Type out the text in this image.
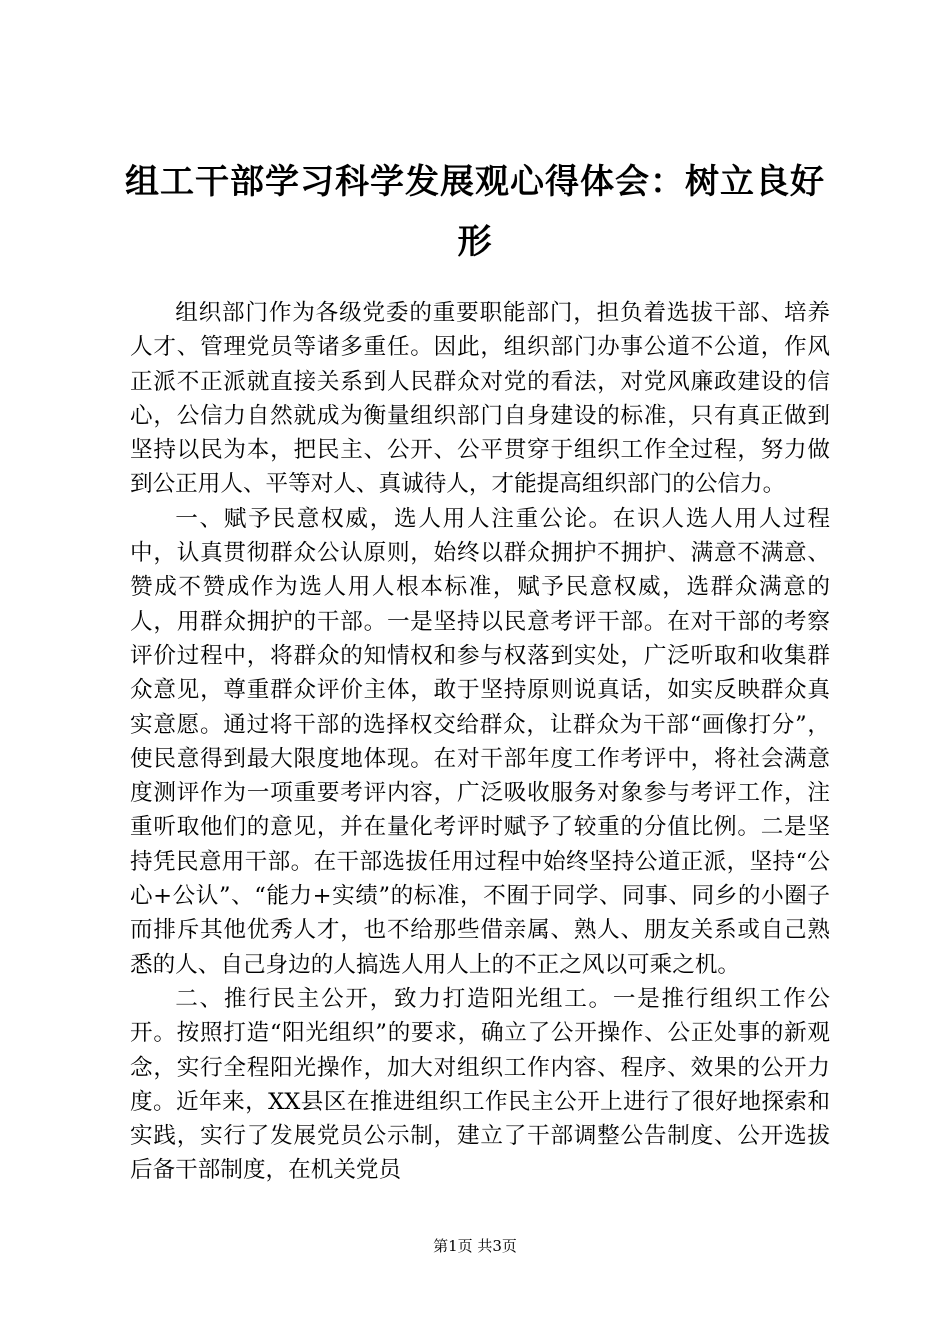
组工干部学习科学发展观心得体会：树立良好形

组织部门作为各级党委的重要职能部门，担负着选拔干部、培养人才、管理党员等诸多重任。因此，组织部门办事公道不公道，作风正派不正派就直接关系到人民群众对党的看法，对党风廉政建设的信心，公信力自然就成为衡量组织部门自身建设的标准，只有真正做到坚持以民为本，把民主、公开、公平贯穿于组织工作全过程，努力做到公正用人、平等对人、真诚待人，才能提高组织部门的公信力。

一、赋予民意权威，选人用人注重公论。在识人选人用人过程中，认真贯彻群众公认原则，始终以群众拥护不拥护、满意不满意、赞成不赞成作为选人用人根本标准，赋予民意权威，选群众满意的人，用群众拥护的干部。一是坚持以民意考评干部。在对干部的考察评价过程中，将群众的知情权和参与权落到实处，广泛听取和收集群众意见，尊重群众评价主体，敢于坚持原则说真话，如实反映群众真实意愿。通过将干部的选择权交给群众，让群众为干部“画像打分”，使民意得到最大限度地体现。在对干部年度工作考评中，将社会满意度测评作为一项重要考评内容，广泛吸收服务对象参与考评工作，注重听取他们的意见，并在量化考评时赋予了较重的分值比例。二是坚持凭民意用干部。在干部选拔任用过程中始终坚持公道正派，坚持“公心+公认”、“能力+实绩”的标准，不囿于同学、同事、同乡的小圈子而排斥其他优秀人才，也不给那些借亲属、熟人、朋友关系或自己熟悉的人、自己身边的人搞选人用人上的不正之风以可乘之机。

二、推行民主公开，致力打造阳光组工。一是推行组织工作公开。按照打造“阳光组织”的要求，确立了公开操作、公正处事的新观念，实行全程阳光操作，加大对组织工作内容、程序、效果的公开力度。近年来，XX县区在推进组织工作民主公开上进行了很好地探索和实践，实行了发展党员公示制，建立了干部调整公告制度、公开选拔后备干部制度，在机关党员

第1页 共3页
